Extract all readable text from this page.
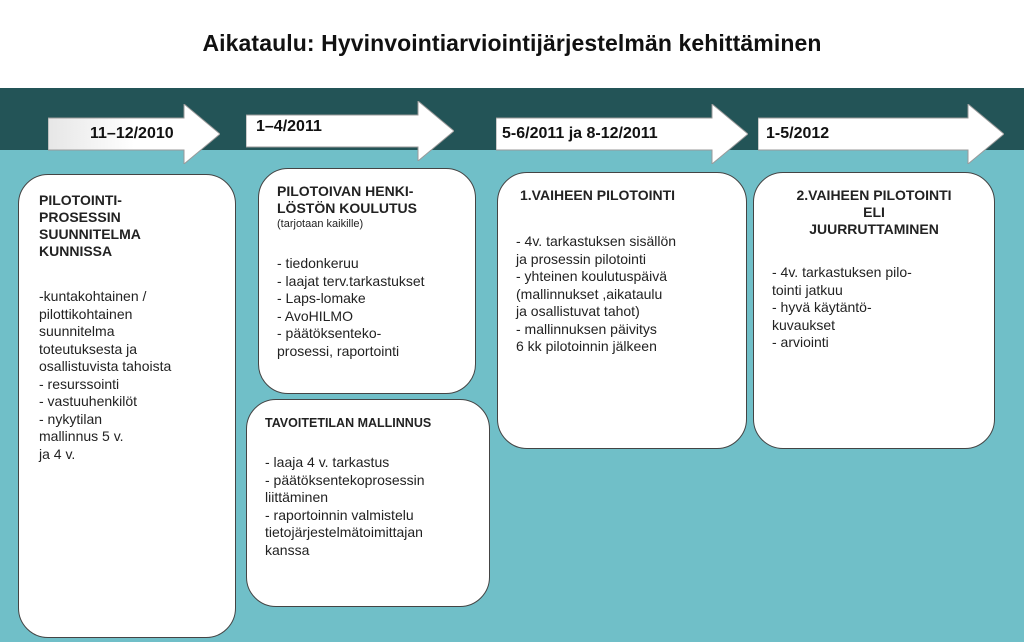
Aikataulu: Hyvinvointiarviointijärjestelmän kehittäminen
11–12/2010	1–4/2011	5-6/2011 ja 8-12/2011	1-5/2012
PILOTOINTI-
PROSESSIN
SUUNNITELMA
KUNNISSA
-kuntakohtainen /
pilottikohtainen
suunnitelma
toteutuksesta ja
osallistuvista tahoista
- resurssointi
- vastuuhenkilöt
- nykytilan
mallinnus 5 v.
ja 4 v.
PILOTOIVAN HENKI-
LÖSTÖN KOULUTUS
(tarjotaan kaikille)
- tiedonkeruu
- laajat terv.tarkastukset
- Laps-lomake
- AvoHILMO
- päätöksenteko-
prosessi, raportointi
TAVOITETILAN MALLINNUS
- laaja 4 v. tarkastus
- päätöksentekoprosessin
liittäminen
- raportoinnin valmistelu
tietojärjestelmätoimittajan
kanssa
1.VAIHEEN PILOTOINTI
- 4v. tarkastuksen sisällön
ja prosessin pilotointi
- yhteinen koulutuspäivä
(mallinnukset ,aikataulu
ja osallistuvat tahot)
- mallinnuksen päivitys
6 kk pilotoinnin jälkeen
2.VAIHEEN PILOTOINTI
ELI
JUURRUTTAMINEN
- 4v. tarkastuksen pilo-
tointi jatkuu
- hyvä käytäntö-
kuvaukset
- arviointi
